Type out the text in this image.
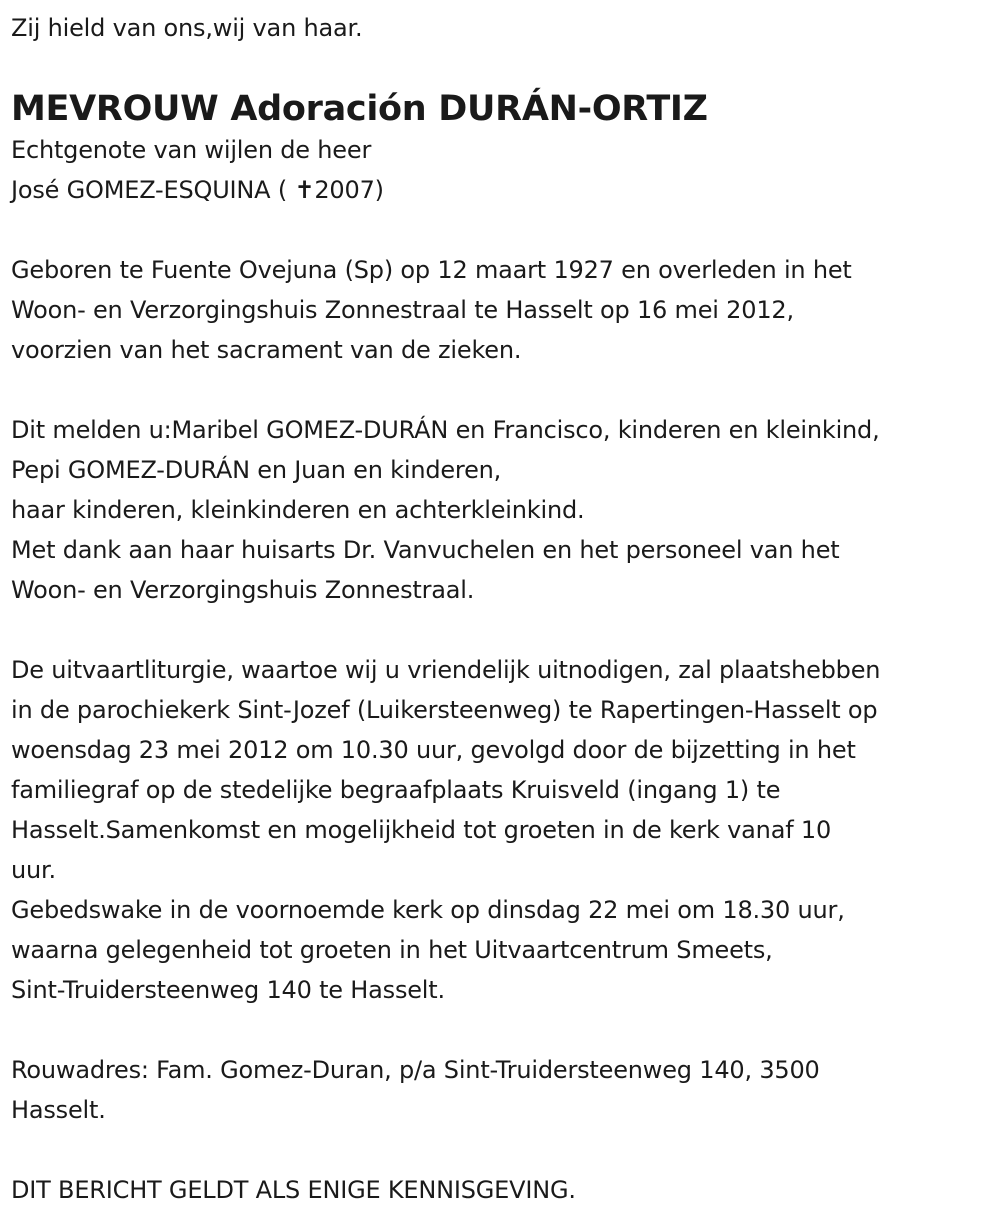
Zij hield van ons,wij van haar.
MEVROUW Adoración DURÁN-ORTIZ
Echtgenote van wijlen de heer
José GOMEZ-ESQUINA ( ✝2007)
Geboren te Fuente Ovejuna (Sp) op 12 maart 1927 en overleden in het
Woon- en Verzorgingshuis Zonnestraal te Hasselt op 16 mei 2012,
voorzien van het sacrament van de zieken.
Dit melden u:Maribel GOMEZ-DURÁN en Francisco, kinderen en kleinkind,
Pepi GOMEZ-DURÁN en Juan en kinderen,
haar kinderen, kleinkinderen en achterkleinkind.
Met dank aan haar huisarts Dr. Vanvuchelen en het personeel van het
Woon- en Verzorgingshuis Zonnestraal.
De uitvaartliturgie, waartoe wij u vriendelijk uitnodigen, zal plaatshebben
in de parochiekerk Sint-Jozef (Luikersteenweg) te Rapertingen-Hasselt op
woensdag 23 mei 2012 om 10.30 uur, gevolgd door de bijzetting in het
familiegraf op de stedelijke begraafplaats Kruisveld (ingang 1) te
Hasselt.Samenkomst en mogelijkheid tot groeten in de kerk vanaf 10
uur.
Gebedswake in de voornoemde kerk op dinsdag 22 mei om 18.30 uur,
waarna gelegenheid tot groeten in het Uitvaartcentrum Smeets,
Sint-Truidersteenweg 140 te Hasselt.
Rouwadres: Fam. Gomez-Duran, p/a Sint-Truidersteenweg 140, 3500
Hasselt.
DIT BERICHT GELDT ALS ENIGE KENNISGEVING.
